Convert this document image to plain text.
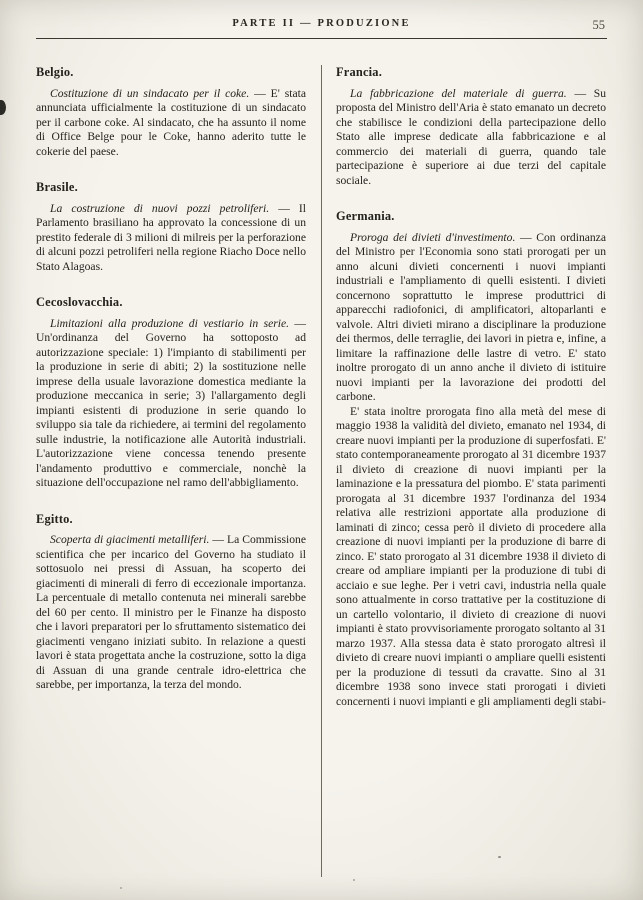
PARTE II — PRODUZIONE	55
Belgio.

Costituzione di un sindacato per il coke. — E' stata annunciata ufficialmente la costituzione di un sindacato per il carbone coke. Al sindacato, che ha assunto il nome di Office Belge pour le Coke, hanno aderito tutte le cokerie del paese.

Brasile.

La costruzione di nuovi pozzi petroliferi. — Il Parlamento brasiliano ha approvato la concessione di un prestito federale di 3 milioni di milreis per la perforazione di alcuni pozzi petroliferi nella regione Riacho Doce nello Stato Alagoas.

Cecoslovacchia.

Limitazioni alla produzione di vestiario in serie. — Un'ordinanza del Governo ha sottoposto ad autorizzazione speciale: 1) l'impianto di stabilimenti per la produzione in serie di abiti; 2) la sostituzione nelle imprese della usuale lavorazione domestica mediante la produzione meccanica in serie; 3) l'allargamento degli impianti esistenti di produzione in serie quando lo sviluppo sia tale da richiedere, ai termini del regolamento sulle industrie, la notificazione alle Autorità industriali. L'autorizzazione viene concessa tenendo presente l'andamento produttivo e commerciale, nonchè la situazione dell'occupazione nel ramo dell'abbigliamento.

Egitto.

Scoperta di giacimenti metalliferi. — La Commissione scientifica che per incarico del Governo ha studiato il sottosuolo nei pressi di Assuan, ha scoperto dei giacimenti di minerali di ferro di eccezionale importanza. La percentuale di metallo contenuta nei minerali sarebbe del 60 per cento. Il ministro per le Finanze ha disposto che i lavori preparatori per lo sfruttamento sistematico dei giacimenti vengano iniziati subito. In relazione a questi lavori è stata progettata anche la costruzione, sotto la diga di Assuan di una grande centrale idro-elettrica che sarebbe, per importanza, la terza del mondo.

Francia.

La fabbricazione del materiale di guerra. — Su proposta del Ministro dell'Aria è stato emanato un decreto che stabilisce le condizioni della partecipazione dello Stato alle imprese dedicate alla fabbricazione e al commercio dei materiali di guerra, quando tale partecipazione è superiore ai due terzi del capitale sociale.

Germania.

Proroga dei divieti d'investimento. — Con ordinanza del Ministro per l'Economia sono stati prorogati per un anno alcuni divieti concernenti i nuovi impianti industriali e l'ampliamento di quelli esistenti. I divieti concernono soprattutto le imprese produttrici di apparecchi radiofonici, di amplificatori, altoparlanti e valvole. Altri divieti mirano a disciplinare la produzione dei thermos, delle terraglie, dei lavori in pietra e, infine, a limitare la raffinazione delle lastre di vetro. E' stato inoltre prorogato di un anno anche il divieto di istituire nuovi impianti per la lavorazione dei prodotti del carbone.

E' stata inoltre prorogata fino alla metà del mese di maggio 1938 la validità del divieto, emanato nel 1934, di creare nuovi impianti per la produzione di superfosfati. E' stato contemporaneamente prorogato al 31 dicembre 1937 il divieto di creazione di nuovi impianti per la laminazione e la pressatura del piombo. E' stata parimenti prorogata al 31 dicembre 1937 l'ordinanza del 1934 relativa alle restrizioni apportate alla produzione di laminati di zinco; cessa però il divieto di procedere alla creazione di nuovi impianti per la produzione di barre di zinco. E' stato prorogato al 31 dicembre 1938 il divieto di creare od ampliare impianti per la produzione di tubi di acciaio e sue leghe. Per i vetri cavi, industria nella quale sono attualmente in corso trattative per la costituzione di un cartello volontario, il divieto di creazione di nuovi impianti è stato provvisoriamente prorogato soltanto al 31 marzo 1937. Alla stessa data è stato prorogato altresì il divieto di creare nuovi impianti o ampliare quelli esistenti per la produzione di tessuti da cravatte. Sino al 31 dicembre 1938 sono invece stati prorogati i divieti concernenti i nuovi impianti e gli ampliamenti degli stabi-
